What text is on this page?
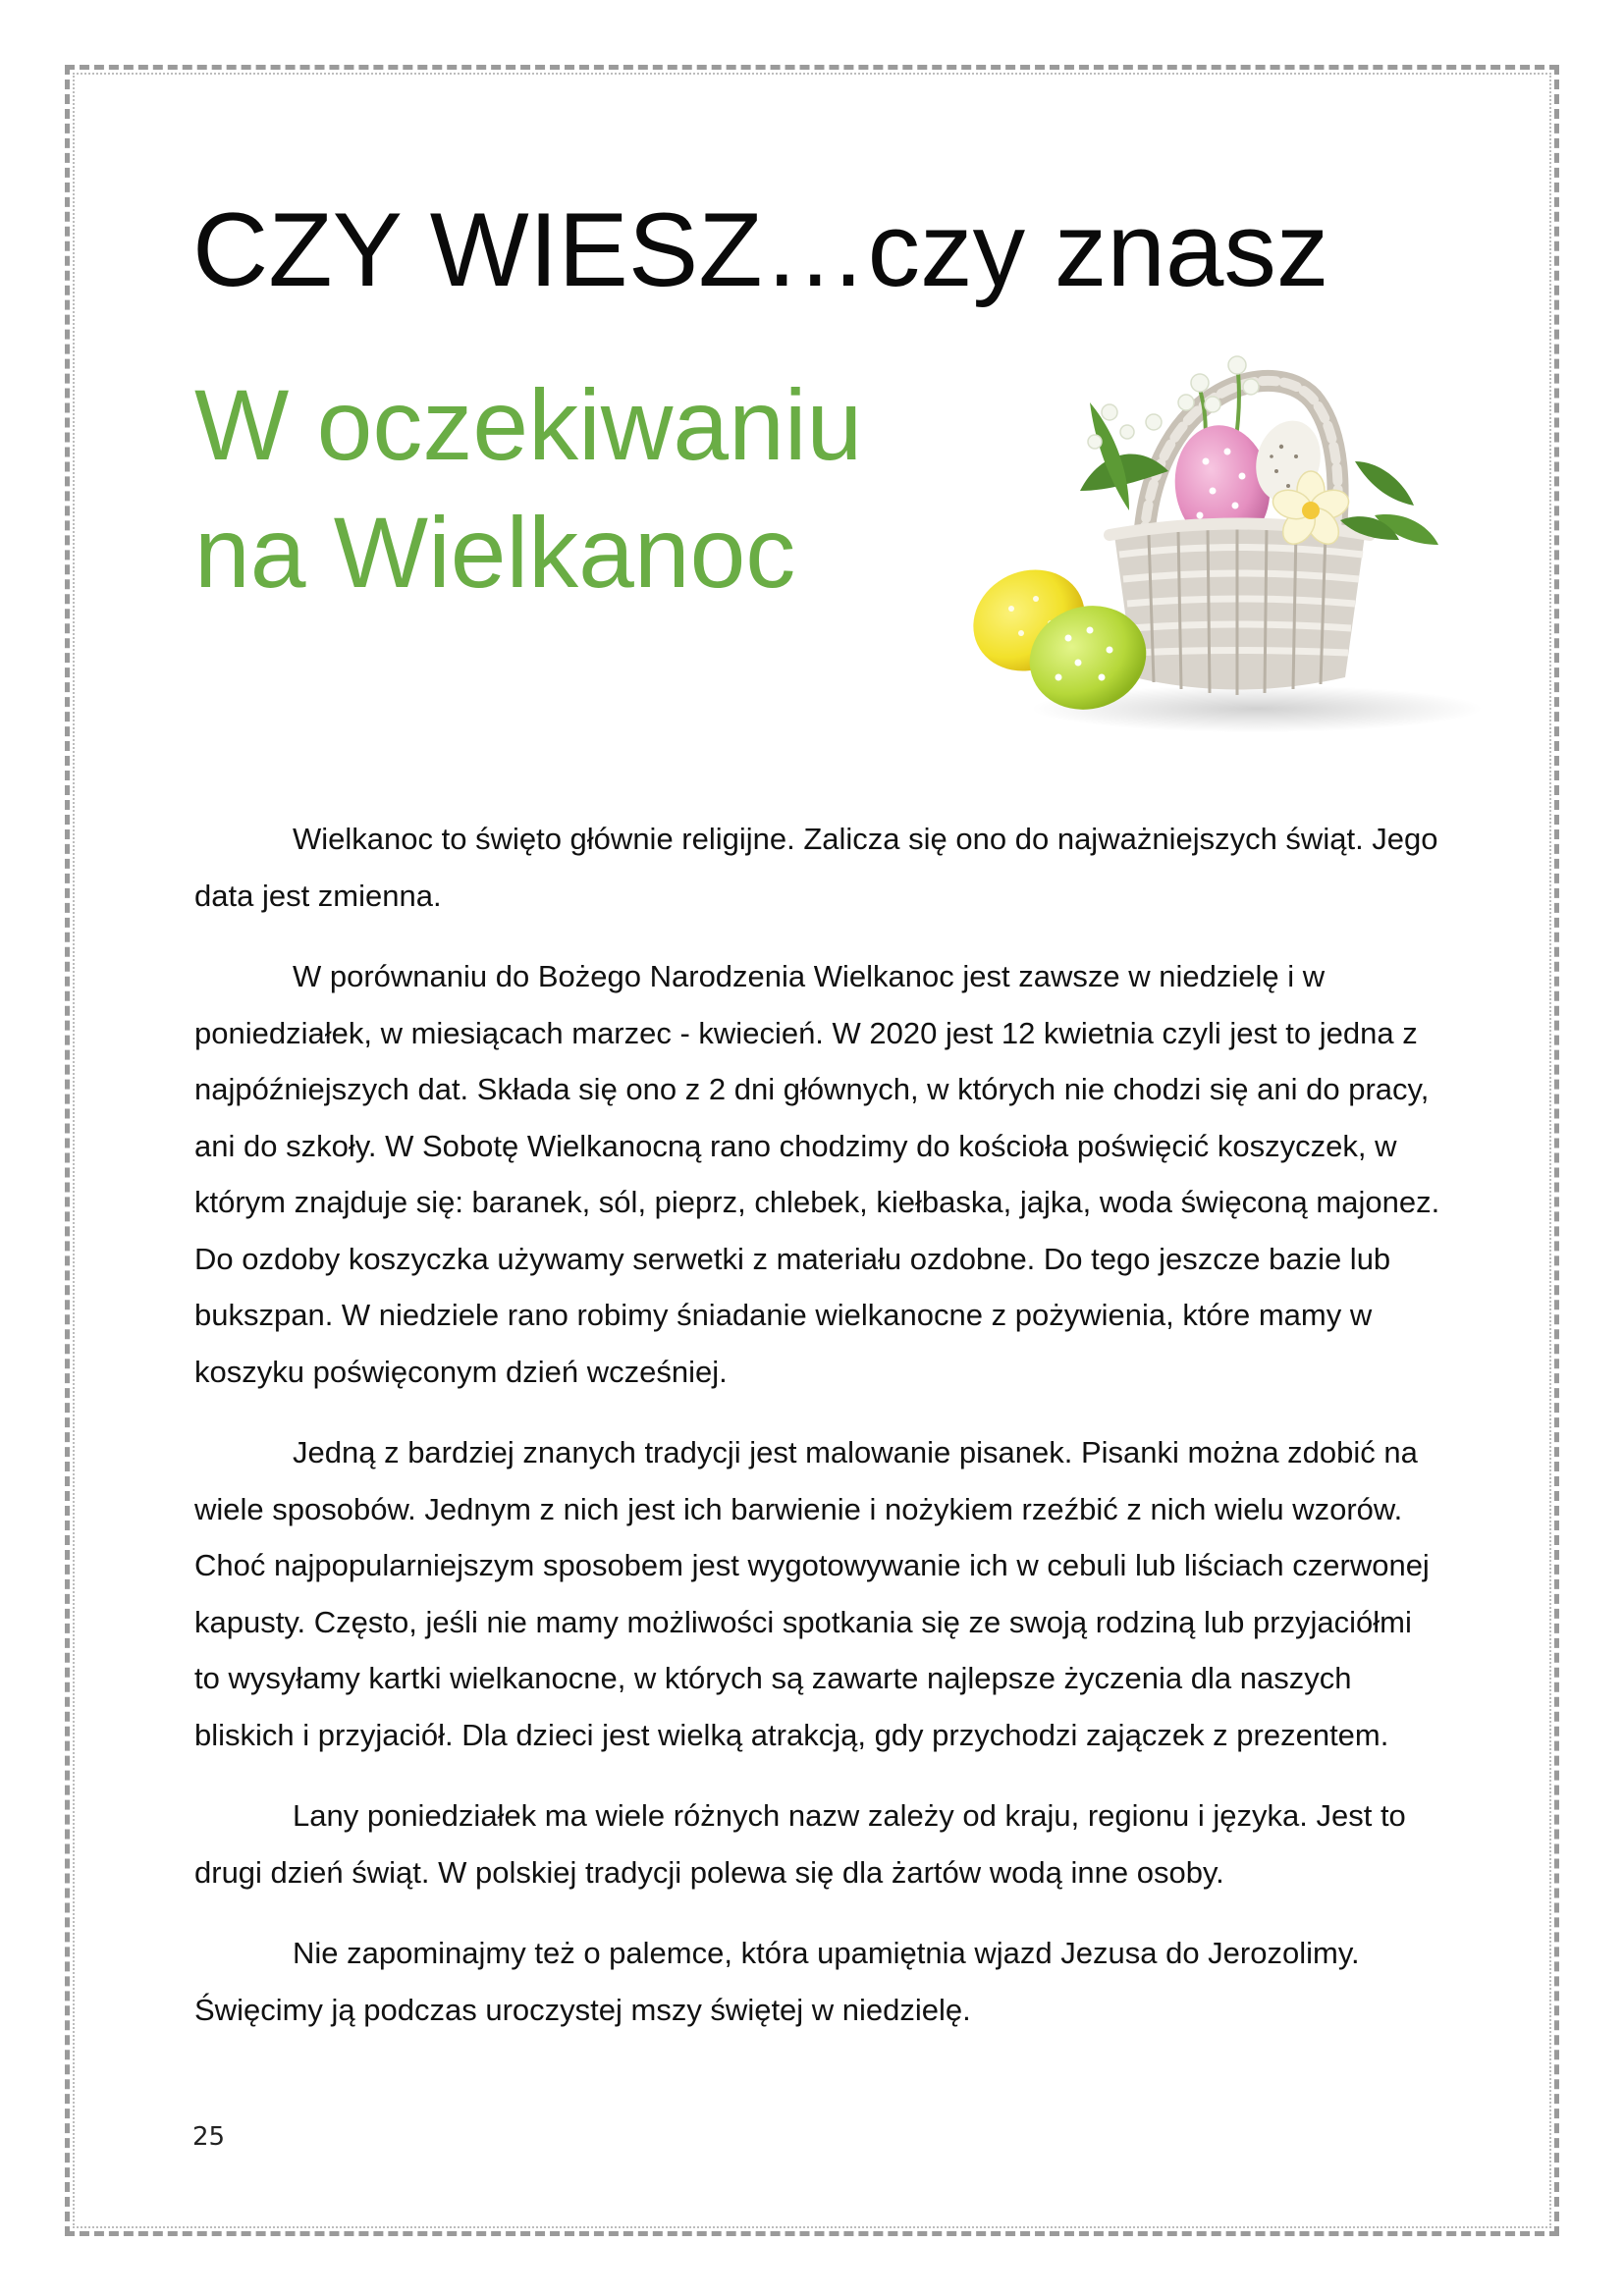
CZY WIESZ…czy znasz
W oczekiwaniu
na Wielkanoc

Wielkanoc to święto głównie religijne. Zalicza się ono do najważniejszych świąt. Jego data jest zmienna.

W porównaniu do Bożego Narodzenia Wielkanoc jest zawsze w niedzielę i w poniedziałek, w miesiącach marzec - kwiecień. W 2020 jest 12 kwietnia czyli jest to jedna z najpóźniejszych dat. Składa się ono z 2 dni głównych, w których nie chodzi się ani do pracy, ani do szkoły. W Sobotę Wielkanocną rano chodzimy do kościoła poświęcić koszyczek, w którym znajduje się: baranek, sól, pieprz, chlebek, kiełbaska, jajka, woda święconą majonez. Do ozdoby koszyczka używamy serwetki z materiału ozdobne. Do tego jeszcze bazie lub bukszpan. W niedziele rano robimy śniadanie wielkanocne z pożywienia, które mamy w koszyku poświęconym dzień wcześniej.

Jedną z bardziej znanych tradycji jest malowanie pisanek. Pisanki można zdobić na wiele sposobów. Jednym z nich jest ich barwienie i nożykiem rzeźbić z nich wielu wzorów. Choć najpopularniejszym sposobem jest wygotowywanie ich w cebuli lub liściach czerwonej kapusty. Często, jeśli nie mamy możliwości spotkania się ze swoją rodziną lub przyjaciółmi to wysyłamy kartki wielkanocne, w których są zawarte najlepsze życzenia dla naszych bliskich i przyjaciół. Dla dzieci jest wielką atrakcją, gdy przychodzi zajączek z prezentem.

Lany poniedziałek ma wiele różnych nazw zależy od kraju, regionu i języka. Jest to drugi dzień świąt. W polskiej tradycji polewa się dla żartów wodą inne osoby.

Nie zapominajmy też o palemce, która upamiętnia wjazd Jezusa do Jerozolimy. Święcimy ją podczas uroczystej mszy świętej w niedzielę.

25
